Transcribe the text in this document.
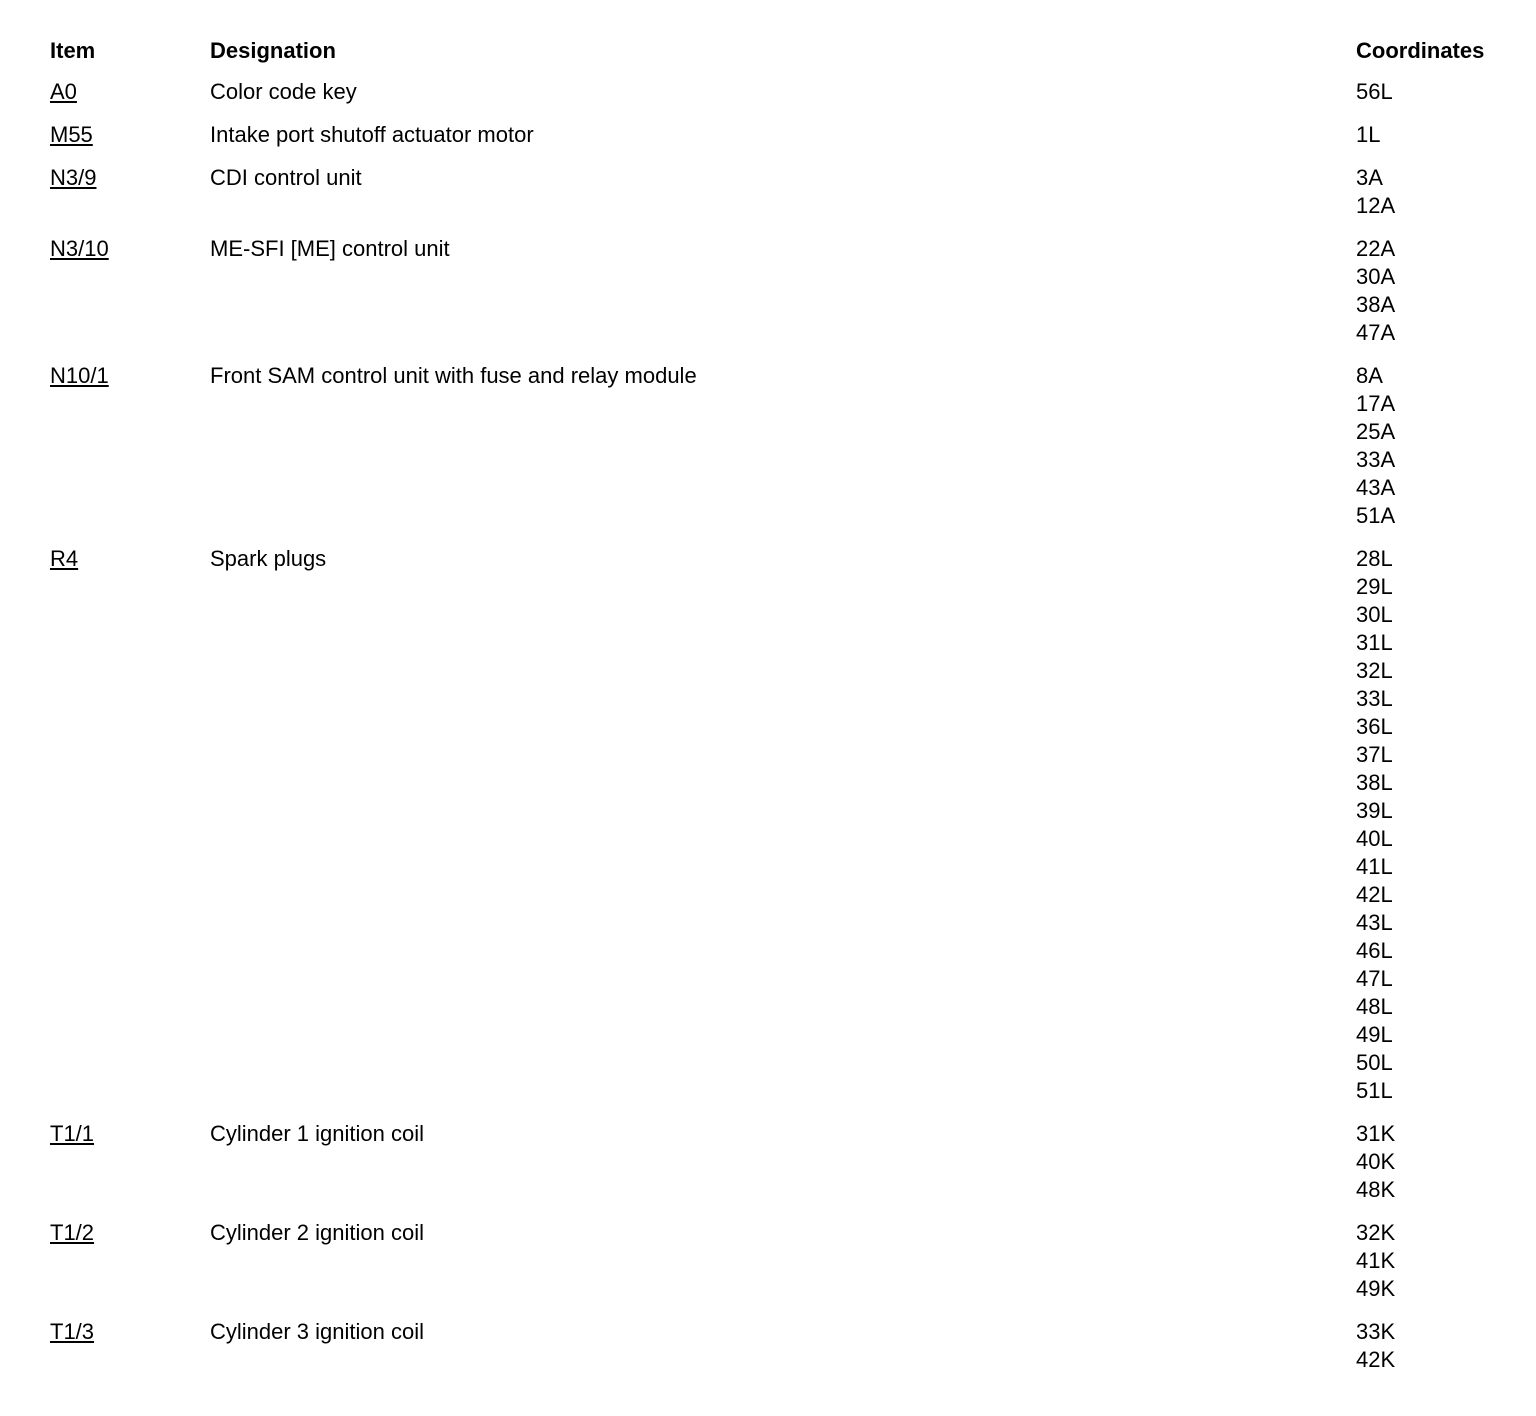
Item	Designation	Coordinates
A0	Color code key	56L
M55	Intake port shutoff actuator motor	1L
N3/9	CDI control unit	3A
12A
N3/10	ME-SFI [ME] control unit	22A
30A
38A
47A
N10/1	Front SAM control unit with fuse and relay module	8A
17A
25A
33A
43A
51A
R4	Spark plugs	28L
29L
30L
31L
32L
33L
36L
37L
38L
39L
40L
41L
42L
43L
46L
47L
48L
49L
50L
51L
T1/1	Cylinder 1 ignition coil	31K
40K
48K
T1/2	Cylinder 2 ignition coil	32K
41K
49K
T1/3	Cylinder 3 ignition coil	33K
42K
